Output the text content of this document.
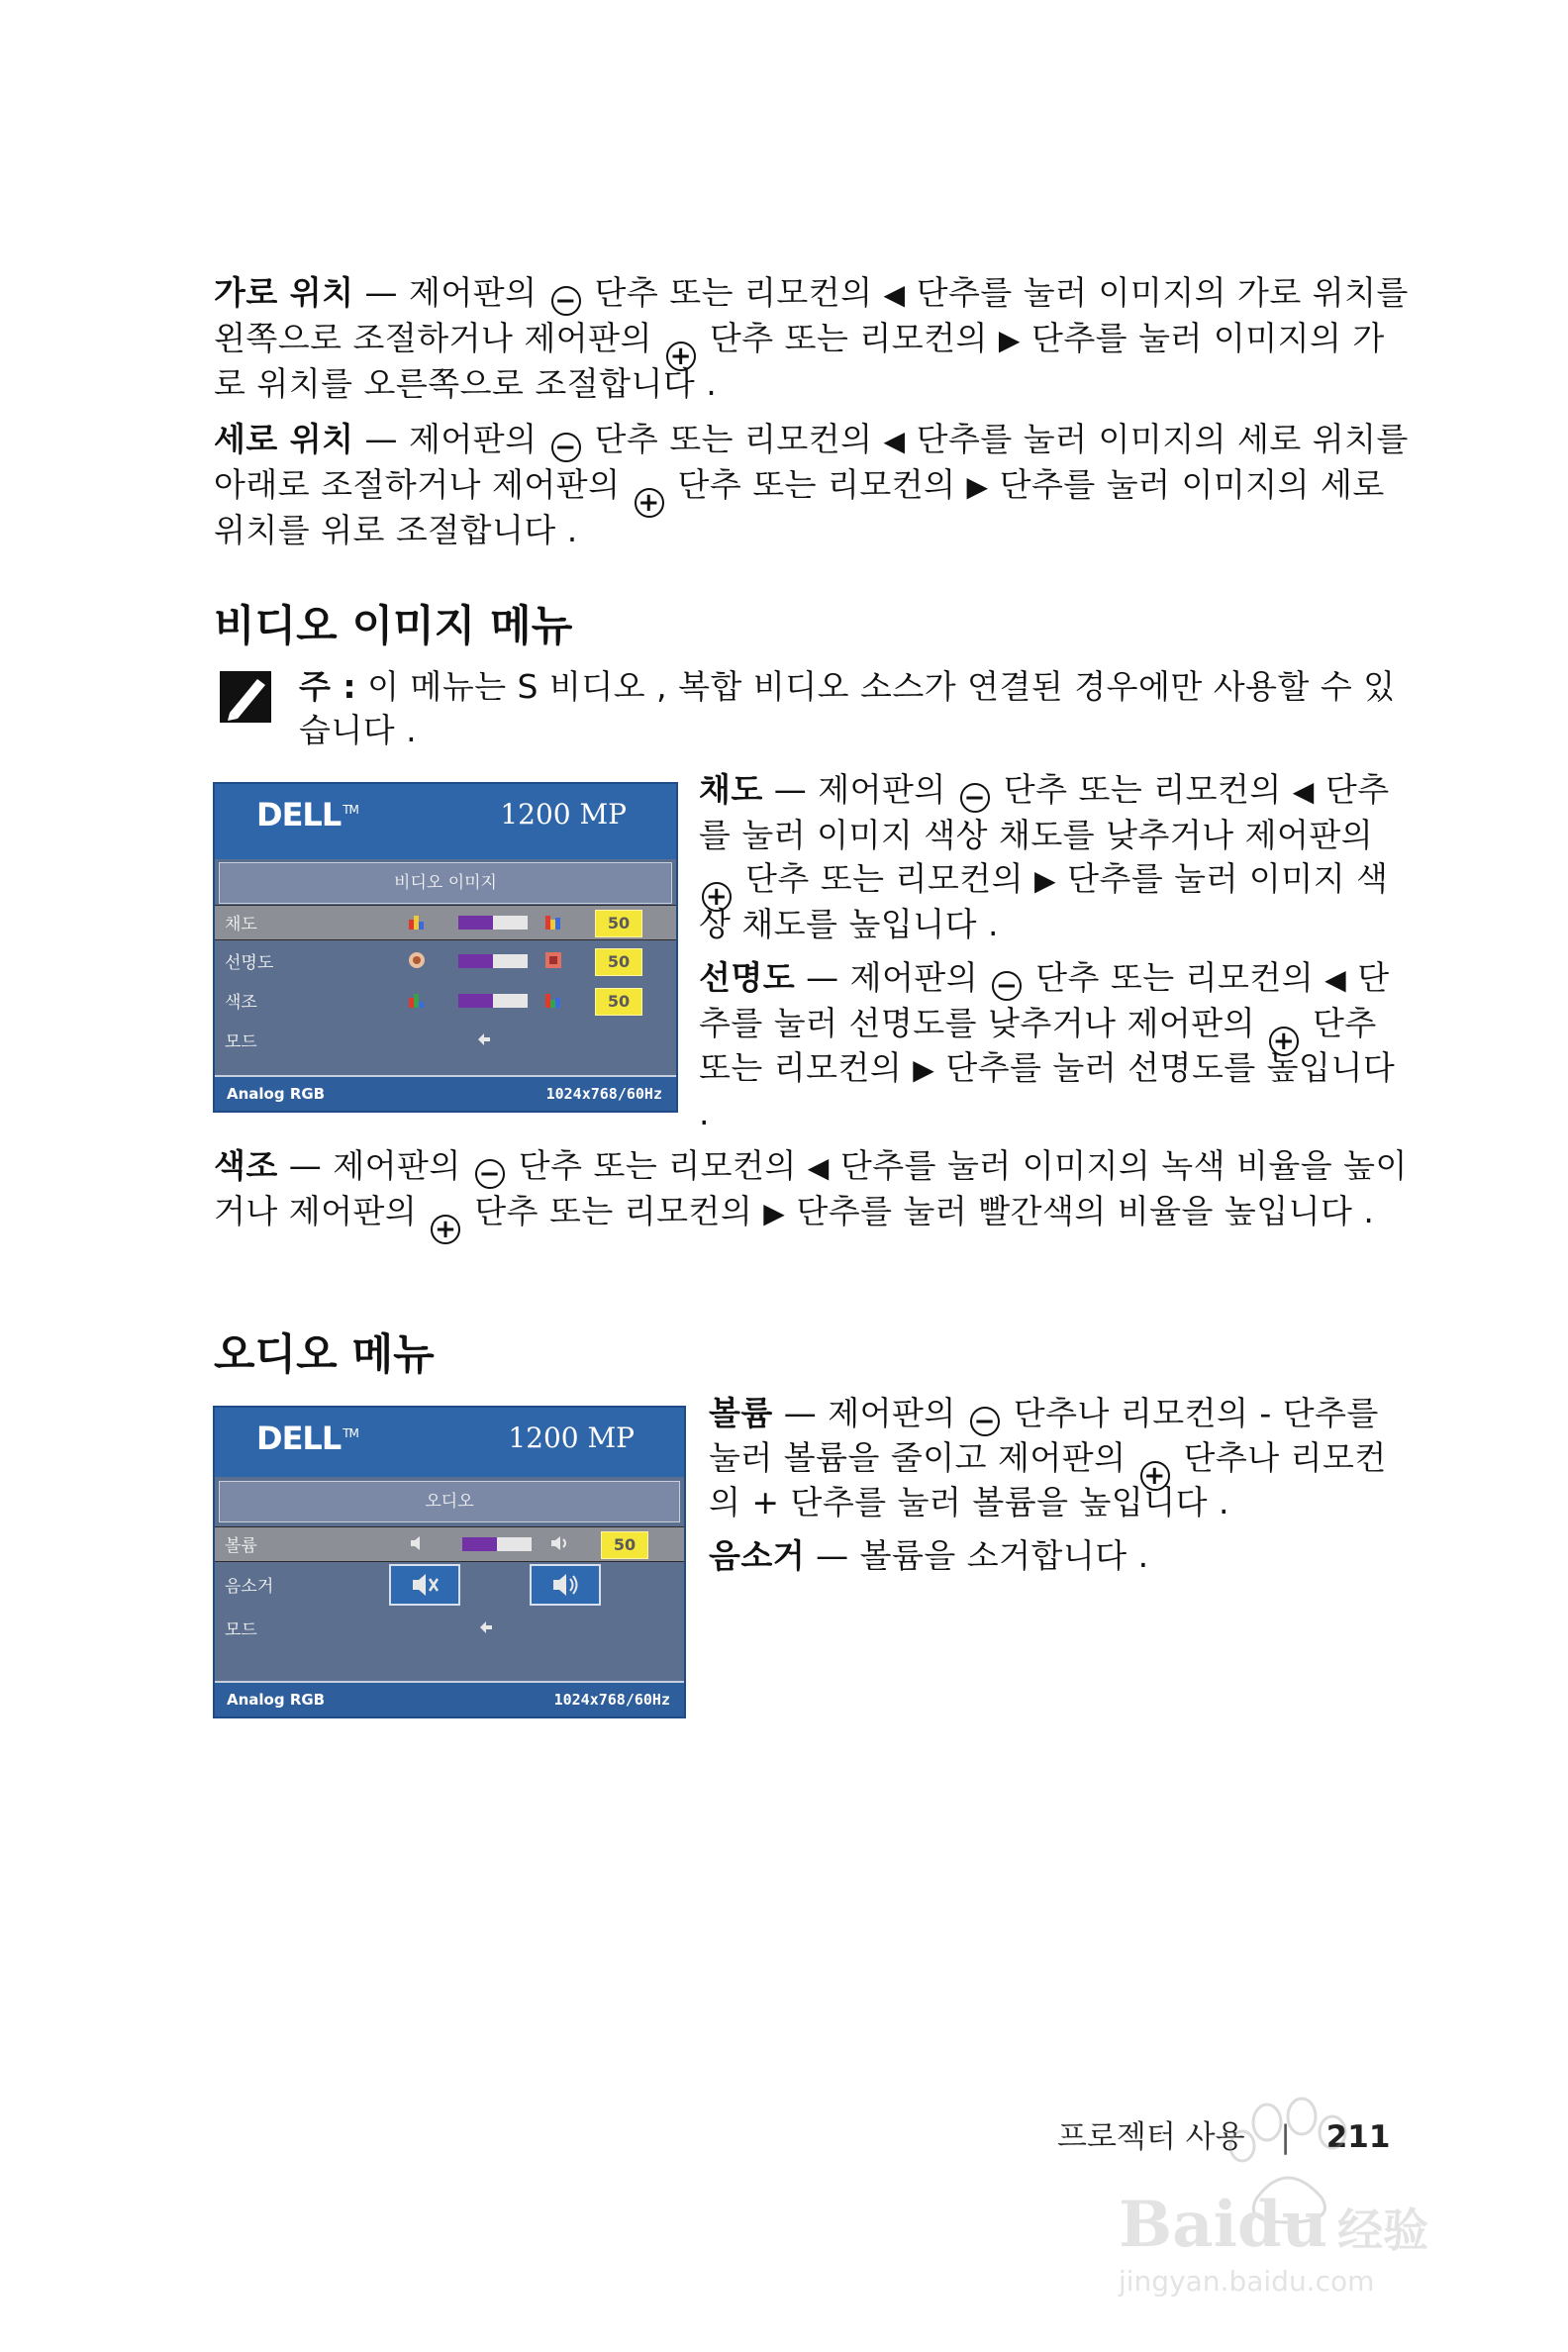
가로 위치 — 제어판의 − 단추 또는 리모컨의 ◀ 단추를 눌러 이미지의 가로 위치를 왼쪽으로 조절하거나 제어판의 + 단추 또는 리모컨의 ▶ 단추를 눌러 이미지의 가로 위치를 오른쪽으로 조절합니다 .

세로 위치 — 제어판의 − 단추 또는 리모컨의 ◀ 단추를 눌러 이미지의 세로 위치를 아래로 조절하거나 제어판의 + 단추 또는 리모컨의 ▶ 단추를 눌러 이미지의 세로 위치를 위로 조절합니다 .

비디오 이미지 메뉴

주 : 이 메뉴는 S 비디오 , 복합 비디오 소스가 연결된 경우에만 사용할 수 있습니다 .

DELL ™	1200 MP
비디오 이미지
채도	50
선명도	50
색조	50
모드
Analog RGB	1024x768/60Hz

채도 — 제어판의 − 단추 또는 리모컨의 ◀ 단추를 눌러 이미지 색상 채도를 낮추거나 제어판의 + 단추 또는 리모컨의 ▶ 단추를 눌러 이미지 색상 채도를 높입니다 .

선명도 — 제어판의 − 단추 또는 리모컨의 ◀ 단추를 눌러 선명도를 낮추거나 제어판의 + 단추 또는 리모컨의 ▶ 단추를 눌러 선명도를 높입니다 .

색조 — 제어판의 − 단추 또는 리모컨의 ◀ 단추를 눌러 이미지의 녹색 비율을 높이거나 제어판의 + 단추 또는 리모컨의 ▶ 단추를 눌러 빨간색의 비율을 높입니다 .

오디오 메뉴
DELL ™	1200 MP
오디오
볼륨	50
음소거
모드
Analog RGB	1024x768/60Hz

볼륨 — 제어판의 − 단추나 리모컨의 - 단추를 눌러 볼륨을 줄이고 제어판의 + 단추나 리모컨의 + 단추를 눌러 볼륨을 높입니다 .

음소거 — 볼륨을 소거합니다 .

프로젝터 사용 | 211
Baidu 经验
jingyan.baidu.com
